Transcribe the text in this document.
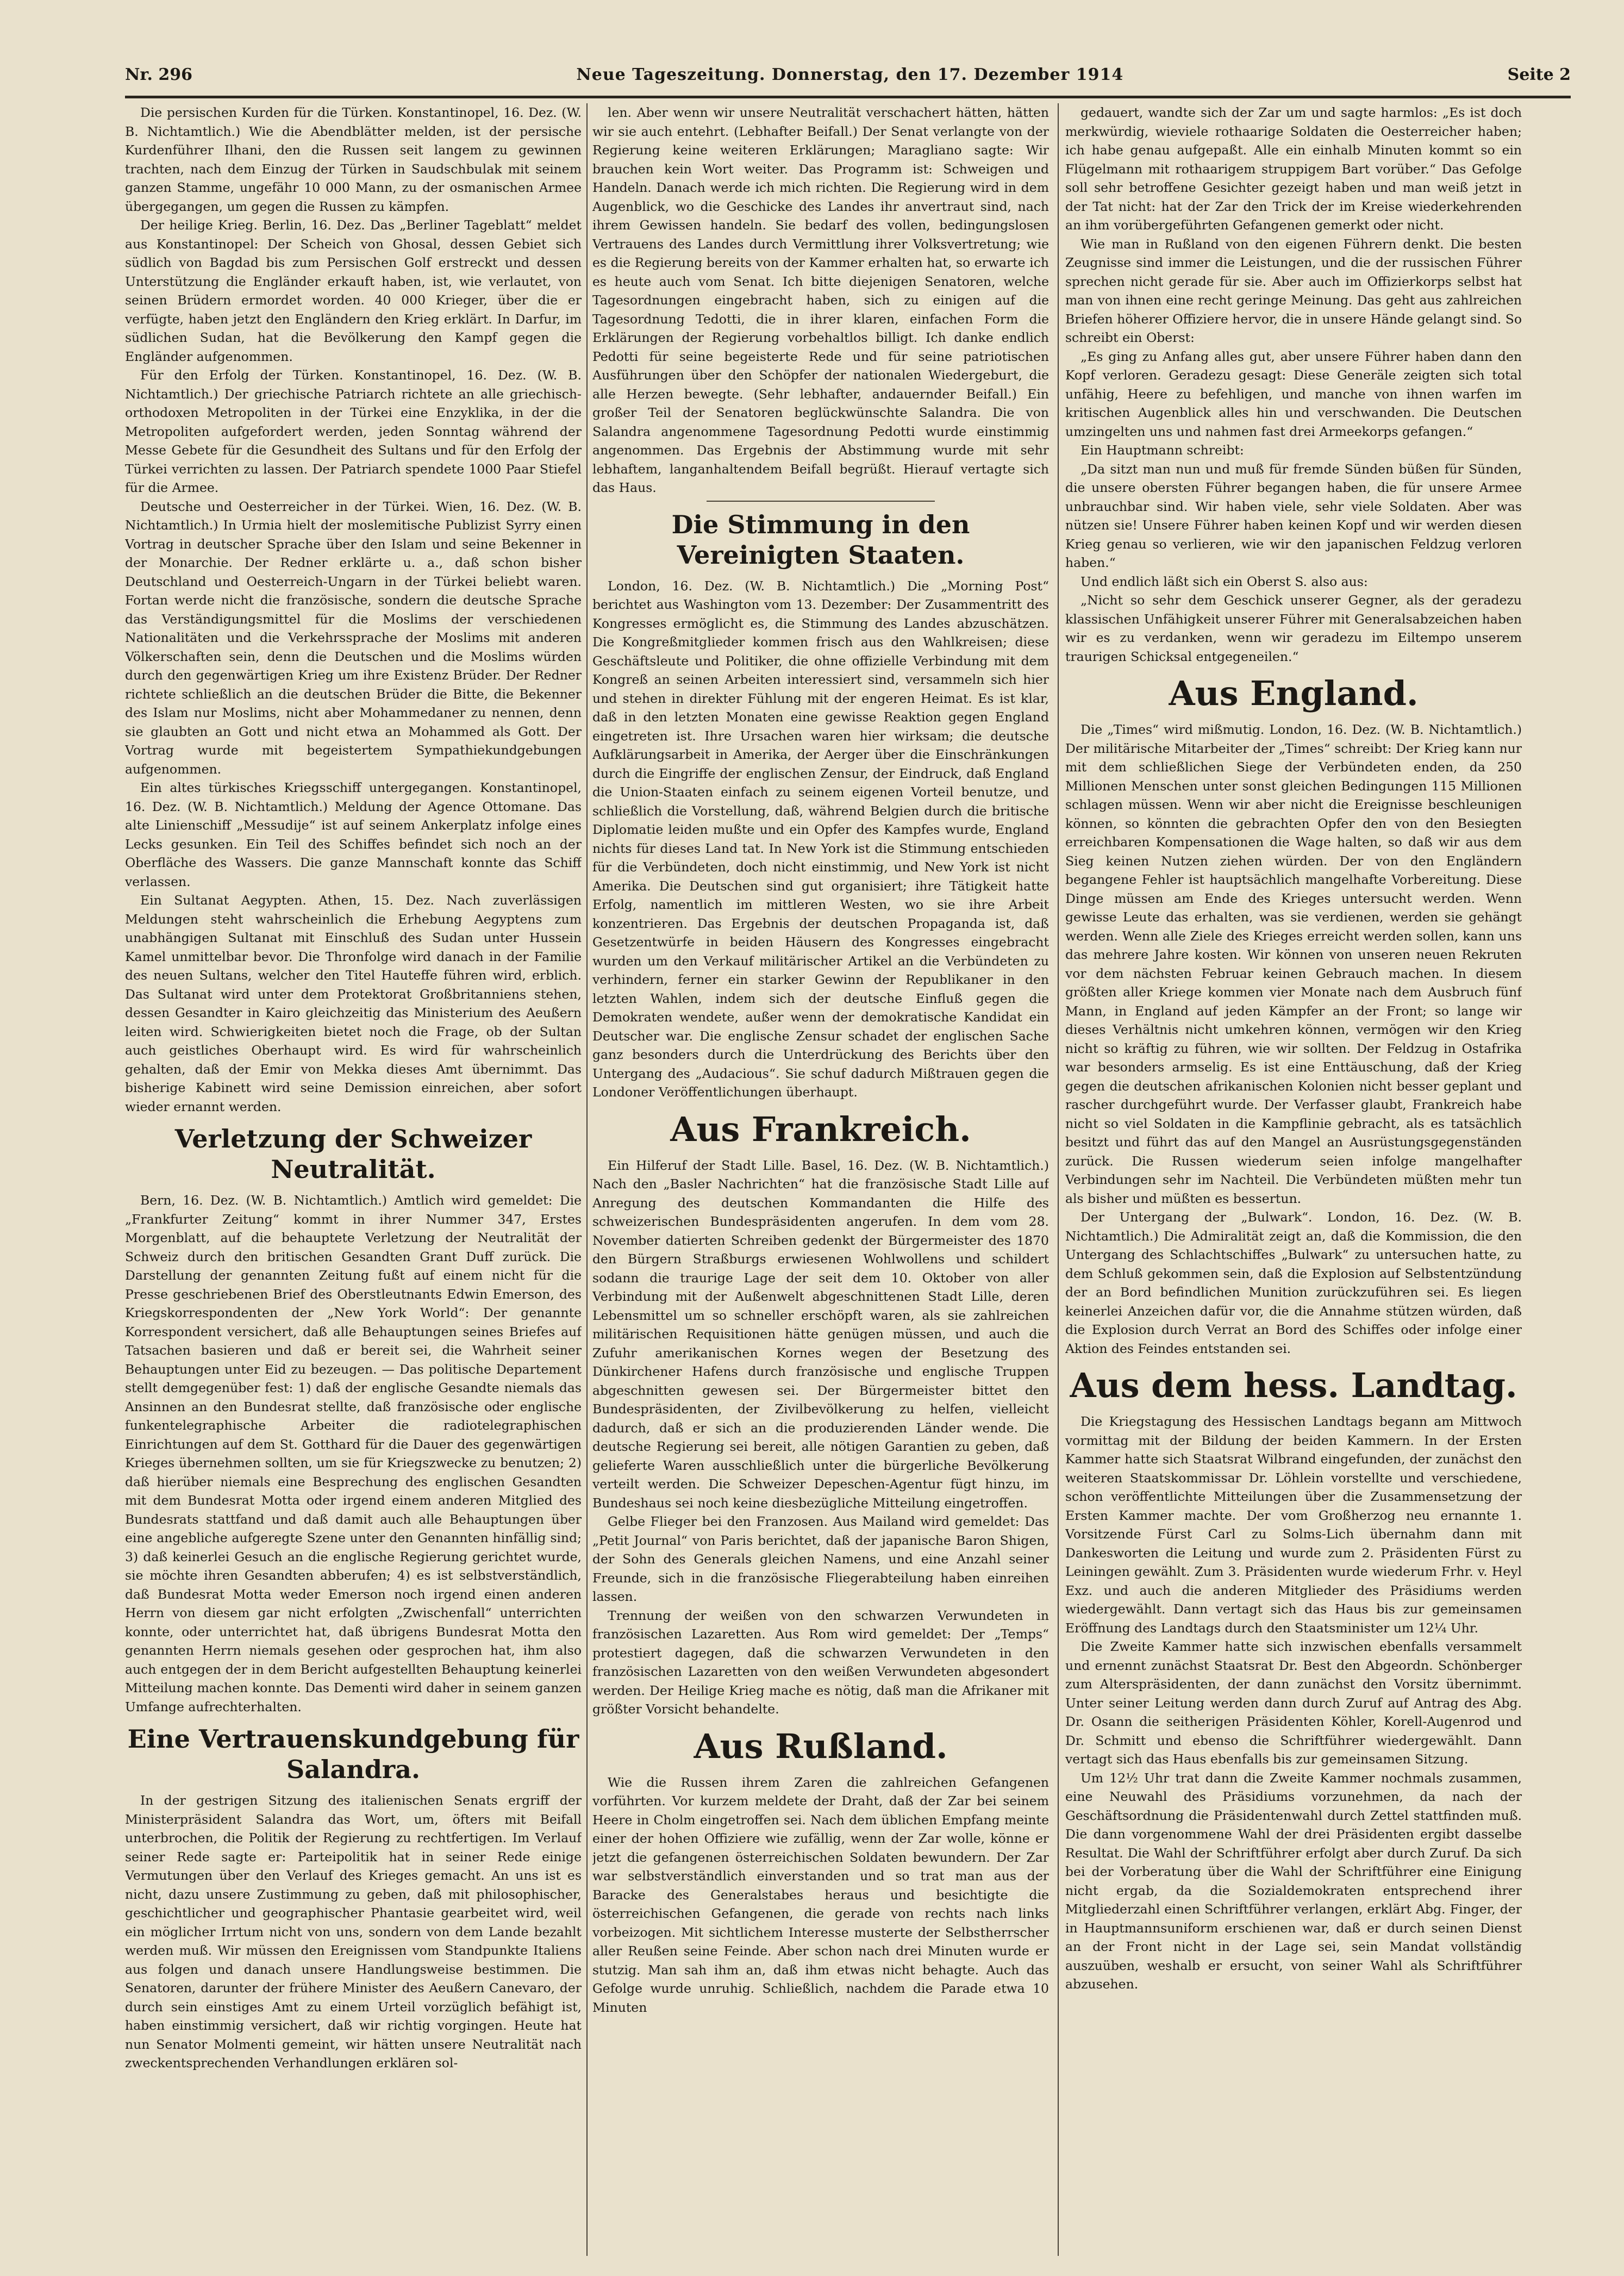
Nr. 296	Neue Tageszeitung. Donnerstag, den 17. Dezember 1914	Seite 2

Die persischen Kurden für die Türken. Konstantinopel, 16. Dez. (W. B. Nichtamtlich.) Wie die Abendblätter melden, ist der persische Kurdenführer Ilhani, den die Russen seit langem zu gewinnen trachten, nach dem Einzug der Türken in Saudschbulak mit seinem ganzen Stamme, ungefähr 10 000 Mann, zu der osmanischen Armee übergegangen, um gegen die Russen zu kämpfen.

Der heilige Krieg. Berlin, 16. Dez. Das „Berliner Tageblatt“ meldet aus Konstantinopel: Der Scheich von Ghosal, dessen Gebiet sich südlich von Bagdad bis zum Persischen Golf erstreckt und dessen Unterstützung die Engländer erkauft haben, ist, wie verlautet, von seinen Brüdern ermordet worden. 40 000 Krieger, über die er verfügte, haben jetzt den Engländern den Krieg erklärt. In Darfur, im südlichen Sudan, hat die Bevölkerung den Kampf gegen die Engländer aufgenommen.

Für den Erfolg der Türken. Konstantinopel, 16. Dez. (W. B. Nichtamtlich.) Der griechische Patriarch richtete an alle griechisch-orthodoxen Metropoliten in der Türkei eine Enzyklika, in der die Metropoliten aufgefordert werden, jeden Sonntag während der Messe Gebete für die Gesundheit des Sultans und für den Erfolg der Türkei verrichten zu lassen. Der Patriarch spendete 1000 Paar Stiefel für die Armee.

Deutsche und Oesterreicher in der Türkei. Wien, 16. Dez. (W. B. Nichtamtlich.) In Urmia hielt der moslemitische Publizist Syrry einen Vortrag in deutscher Sprache über den Islam und seine Bekenner in der Monarchie. Der Redner erklärte u. a., daß schon bisher Deutschland und Oesterreich-Ungarn in der Türkei beliebt waren. Fortan werde nicht die französische, sondern die deutsche Sprache das Verständigungsmittel für die Moslims der verschiedenen Nationalitäten und die Verkehrssprache der Moslims mit anderen Völkerschaften sein, denn die Deutschen und die Moslims würden durch den gegenwärtigen Krieg um ihre Existenz Brüder. Der Redner richtete schließlich an die deutschen Brüder die Bitte, die Bekenner des Islam nur Moslims, nicht aber Mohammedaner zu nennen, denn sie glaubten an Gott und nicht etwa an Mohammed als Gott. Der Vortrag wurde mit begeistertem Sympathiekundgebungen aufgenommen.

Ein altes türkisches Kriegsschiff untergegangen. Konstantinopel, 16. Dez. (W. B. Nichtamtlich.) Meldung der Agence Ottomane. Das alte Linienschiff „Messudije“ ist auf seinem Ankerplatz infolge eines Lecks gesunken. Ein Teil des Schiffes befindet sich noch an der Oberfläche des Wassers. Die ganze Mannschaft konnte das Schiff verlassen.

Ein Sultanat Aegypten. Athen, 15. Dez. Nach zuverlässigen Meldungen steht wahrscheinlich die Erhebung Aegyptens zum unabhängigen Sultanat mit Einschluß des Sudan unter Hussein Kamel unmittelbar bevor. Die Thronfolge wird danach in der Familie des neuen Sultans, welcher den Titel Hauteffe führen wird, erblich. Das Sultanat wird unter dem Protektorat Großbritanniens stehen, dessen Gesandter in Kairo gleichzeitig das Ministerium des Aeußern leiten wird. Schwierigkeiten bietet noch die Frage, ob der Sultan auch geistliches Oberhaupt wird. Es wird für wahrscheinlich gehalten, daß der Emir von Mekka dieses Amt übernimmt. Das bisherige Kabinett wird seine Demission einreichen, aber sofort wieder ernannt werden.

Verletzung der Schweizer Neutralität.

Bern, 16. Dez. (W. B. Nichtamtlich.) Amtlich wird gemeldet: Die „Frankfurter Zeitung“ kommt in ihrer Nummer 347, Erstes Morgenblatt, auf die behauptete Verletzung der Neutralität der Schweiz durch den britischen Gesandten Grant Duff zurück. Die Darstellung der genannten Zeitung fußt auf einem nicht für die Presse geschriebenen Brief des Oberstleutnants Edwin Emerson, des Kriegskorrespondenten der „New York World“: Der genannte Korrespondent versichert, daß alle Behauptungen seines Briefes auf Tatsachen basieren und daß er bereit sei, die Wahrheit seiner Behauptungen unter Eid zu bezeugen. — Das politische Departement stellt demgegenüber fest: 1) daß der englische Gesandte niemals das Ansinnen an den Bundesrat stellte, daß französische oder englische funkentelegraphische Arbeiter die radiotelegraphischen Einrichtungen auf dem St. Gotthard für die Dauer des gegenwärtigen Krieges übernehmen sollten, um sie für Kriegszwecke zu benutzen; 2) daß hierüber niemals eine Besprechung des englischen Gesandten mit dem Bundesrat Motta oder irgend einem anderen Mitglied des Bundesrats stattfand und daß damit auch alle Behauptungen über eine angebliche aufgeregte Szene unter den Genannten hinfällig sind; 3) daß keinerlei Gesuch an die englische Regierung gerichtet wurde, sie möchte ihren Gesandten abberufen; 4) es ist selbstverständlich, daß Bundesrat Motta weder Emerson noch irgend einen anderen Herrn von diesem gar nicht erfolgten „Zwischenfall“ unterrichten konnte, oder unterrichtet hat, daß übrigens Bundesrat Motta den genannten Herrn niemals gesehen oder gesprochen hat, ihm also auch entgegen der in dem Bericht aufgestellten Behauptung keinerlei Mitteilung machen konnte. Das Dementi wird daher in seinem ganzen Umfange aufrechterhalten.

Eine Vertrauenskundgebung für Salandra.

In der gestrigen Sitzung des italienischen Senats ergriff der Ministerpräsident Salandra das Wort, um, öfters mit Beifall unterbrochen, die Politik der Regierung zu rechtfertigen. Im Verlauf seiner Rede sagte er: Parteipolitik hat in seiner Rede einige Vermutungen über den Verlauf des Krieges gemacht. An uns ist es nicht, dazu unsere Zustimmung zu geben, daß mit philosophischer, geschichtlicher und geographischer Phantasie gearbeitet wird, weil ein möglicher Irrtum nicht von uns, sondern von dem Lande bezahlt werden muß. Wir müssen den Ereignissen vom Standpunkte Italiens aus folgen und danach unsere Handlungsweise bestimmen. Die Senatoren, darunter der frühere Minister des Aeußern Canevaro, der durch sein einstiges Amt zu einem Urteil vorzüglich befähigt ist, haben einstimmig versichert, daß wir richtig vorgingen. Heute hat nun Senator Molmenti gemeint, wir hätten unsere Neutralität nach zweckentsprechenden Verhandlungen erklären sol-

len. Aber wenn wir unsere Neutralität verschachert hätten, hätten wir sie auch entehrt. (Lebhafter Beifall.) Der Senat verlangte von der Regierung keine weiteren Erklärungen; Maragliano sagte: Wir brauchen kein Wort weiter. Das Programm ist: Schweigen und Handeln. Danach werde ich mich richten. Die Regierung wird in dem Augenblick, wo die Geschicke des Landes ihr anvertraut sind, nach ihrem Gewissen handeln. Sie bedarf des vollen, bedingungslosen Vertrauens des Landes durch Vermittlung ihrer Volksvertretung; wie es die Regierung bereits von der Kammer erhalten hat, so erwarte ich es heute auch vom Senat. Ich bitte diejenigen Senatoren, welche Tagesordnungen eingebracht haben, sich zu einigen auf die Tagesordnung Tedotti, die in ihrer klaren, einfachen Form die Erklärungen der Regierung vorbehaltlos billigt. Ich danke endlich Pedotti für seine begeisterte Rede und für seine patriotischen Ausführungen über den Schöpfer der nationalen Wiedergeburt, die alle Herzen bewegte. (Sehr lebhafter, andauernder Beifall.) Ein großer Teil der Senatoren beglückwünschte Salandra. Die von Salandra angenommene Tagesordnung Pedotti wurde einstimmig angenommen. Das Ergebnis der Abstimmung wurde mit sehr lebhaftem, langanhaltendem Beifall begrüßt. Hierauf vertagte sich das Haus.

Die Stimmung in den Vereinigten Staaten.

London, 16. Dez. (W. B. Nichtamtlich.) Die „Morning Post“ berichtet aus Washington vom 13. Dezember: Der Zusammentritt des Kongresses ermöglicht es, die Stimmung des Landes abzuschätzen. Die Kongreßmitglieder kommen frisch aus den Wahlkreisen; diese Geschäftsleute und Politiker, die ohne offizielle Verbindung mit dem Kongreß an seinen Arbeiten interessiert sind, versammeln sich hier und stehen in direkter Fühlung mit der engeren Heimat. Es ist klar, daß in den letzten Monaten eine gewisse Reaktion gegen England eingetreten ist. Ihre Ursachen waren hier wirksam; die deutsche Aufklärungsarbeit in Amerika, der Aerger über die Einschränkungen durch die Eingriffe der englischen Zensur, der Eindruck, daß England die Union-Staaten einfach zu seinem eigenen Vorteil benutze, und schließlich die Vorstellung, daß, während Belgien durch die britische Diplomatie leiden mußte und ein Opfer des Kampfes wurde, England nichts für dieses Land tat. In New York ist die Stimmung entschieden für die Verbündeten, doch nicht einstimmig, und New York ist nicht Amerika. Die Deutschen sind gut organisiert; ihre Tätigkeit hatte Erfolg, namentlich im mittleren Westen, wo sie ihre Arbeit konzentrieren. Das Ergebnis der deutschen Propaganda ist, daß Gesetzentwürfe in beiden Häusern des Kongresses eingebracht wurden um den Verkauf militärischer Artikel an die Verbündeten zu verhindern, ferner ein starker Gewinn der Republikaner in den letzten Wahlen, indem sich der deutsche Einfluß gegen die Demokraten wendete, außer wenn der demokratische Kandidat ein Deutscher war. Die englische Zensur schadet der englischen Sache ganz besonders durch die Unterdrückung des Berichts über den Untergang des „Audacious“. Sie schuf dadurch Mißtrauen gegen die Londoner Veröffentlichungen überhaupt.

Aus Frankreich.

Ein Hilferuf der Stadt Lille. Basel, 16. Dez. (W. B. Nichtamtlich.) Nach den „Basler Nachrichten“ hat die französische Stadt Lille auf Anregung des deutschen Kommandanten die Hilfe des schweizerischen Bundespräsidenten angerufen. In dem vom 28. November datierten Schreiben gedenkt der Bürgermeister des 1870 den Bürgern Straßburgs erwiesenen Wohlwollens und schildert sodann die traurige Lage der seit dem 10. Oktober von aller Verbindung mit der Außenwelt abgeschnittenen Stadt Lille, deren Lebensmittel um so schneller erschöpft waren, als sie zahlreichen militärischen Requisitionen hätte genügen müssen, und auch die Zufuhr amerikanischen Kornes wegen der Besetzung des Dünkirchener Hafens durch französische und englische Truppen abgeschnitten gewesen sei. Der Bürgermeister bittet den Bundespräsidenten, der Zivilbevölkerung zu helfen, vielleicht dadurch, daß er sich an die produzierenden Länder wende. Die deutsche Regierung sei bereit, alle nötigen Garantien zu geben, daß gelieferte Waren ausschließlich unter die bürgerliche Bevölkerung verteilt werden. Die Schweizer Depeschen-Agentur fügt hinzu, im Bundeshaus sei noch keine diesbezügliche Mitteilung eingetroffen.

Gelbe Flieger bei den Franzosen. Aus Mailand wird gemeldet: Das „Petit Journal“ von Paris berichtet, daß der japanische Baron Shigen, der Sohn des Generals gleichen Namens, und eine Anzahl seiner Freunde, sich in die französische Fliegerabteilung haben einreihen lassen.

Trennung der weißen von den schwarzen Verwundeten in französischen Lazaretten. Aus Rom wird gemeldet: Der „Temps“ protestiert dagegen, daß die schwarzen Verwundeten in den französischen Lazaretten von den weißen Verwundeten abgesondert werden. Der Heilige Krieg mache es nötig, daß man die Afrikaner mit größter Vorsicht behandelte.

Aus Rußland.

Wie die Russen ihrem Zaren die zahlreichen Gefangenen vorführten. Vor kurzem meldete der Draht, daß der Zar bei seinem Heere in Cholm eingetroffen sei. Nach dem üblichen Empfang meinte einer der hohen Offiziere wie zufällig, wenn der Zar wolle, könne er jetzt die gefangenen österreichischen Soldaten bewundern. Der Zar war selbstverständlich einverstanden und so trat man aus der Baracke des Generalstabes heraus und besichtigte die österreichischen Gefangenen, die gerade von rechts nach links vorbeizogen. Mit sichtlichem Interesse musterte der Selbstherrscher aller Reußen seine Feinde. Aber schon nach drei Minuten wurde er stutzig. Man sah ihm an, daß ihm etwas nicht behagte. Auch das Gefolge wurde unruhig. Schließlich, nachdem die Parade etwa 10 Minuten

gedauert, wandte sich der Zar um und sagte harmlos: „Es ist doch merkwürdig, wieviele rothaarige Soldaten die Oesterreicher haben; ich habe genau aufgepaßt. Alle ein einhalb Minuten kommt so ein Flügelmann mit rothaarigem struppigem Bart vorüber.“ Das Gefolge soll sehr betroffene Gesichter gezeigt haben und man weiß jetzt in der Tat nicht: hat der Zar den Trick der im Kreise wiederkehrenden an ihm vorübergeführten Gefangenen gemerkt oder nicht.

Wie man in Rußland von den eigenen Führern denkt. Die besten Zeugnisse sind immer die Leistungen, und die der russischen Führer sprechen nicht gerade für sie. Aber auch im Offizierkorps selbst hat man von ihnen eine recht geringe Meinung. Das geht aus zahlreichen Briefen höherer Offiziere hervor, die in unsere Hände gelangt sind. So schreibt ein Oberst:

„Es ging zu Anfang alles gut, aber unsere Führer haben dann den Kopf verloren. Geradezu gesagt: Diese Generäle zeigten sich total unfähig, Heere zu befehligen, und manche von ihnen warfen im kritischen Augenblick alles hin und verschwanden. Die Deutschen umzingelten uns und nahmen fast drei Armeekorps gefangen.“

Ein Hauptmann schreibt:

„Da sitzt man nun und muß für fremde Sünden büßen für Sünden, die unsere obersten Führer begangen haben, die für unsere Armee unbrauchbar sind. Wir haben viele, sehr viele Soldaten. Aber was nützen sie! Unsere Führer haben keinen Kopf und wir werden diesen Krieg genau so verlieren, wie wir den japanischen Feldzug verloren haben.“

Und endlich läßt sich ein Oberst S. also aus:

„Nicht so sehr dem Geschick unserer Gegner, als der geradezu klassischen Unfähigkeit unserer Führer mit Generalsabzeichen haben wir es zu verdanken, wenn wir geradezu im Eiltempo unserem traurigen Schicksal entgegeneilen.“

Aus England.

Die „Times“ wird mißmutig. London, 16. Dez. (W. B. Nichtamtlich.) Der militärische Mitarbeiter der „Times“ schreibt: Der Krieg kann nur mit dem schließlichen Siege der Verbündeten enden, da 250 Millionen Menschen unter sonst gleichen Bedingungen 115 Millionen schlagen müssen. Wenn wir aber nicht die Ereignisse beschleunigen können, so könnten die gebrachten Opfer den von den Besiegten erreichbaren Kompensationen die Wage halten, so daß wir aus dem Sieg keinen Nutzen ziehen würden. Der von den Engländern begangene Fehler ist hauptsächlich mangelhafte Vorbereitung. Diese Dinge müssen am Ende des Krieges untersucht werden. Wenn gewisse Leute das erhalten, was sie verdienen, werden sie gehängt werden. Wenn alle Ziele des Krieges erreicht werden sollen, kann uns das mehrere Jahre kosten. Wir können von unseren neuen Rekruten vor dem nächsten Februar keinen Gebrauch machen. In diesem größten aller Kriege kommen vier Monate nach dem Ausbruch fünf Mann, in England auf jeden Kämpfer an der Front; so lange wir dieses Verhältnis nicht umkehren können, vermögen wir den Krieg nicht so kräftig zu führen, wie wir sollten. Der Feldzug in Ostafrika war besonders armselig. Es ist eine Enttäuschung, daß der Krieg gegen die deutschen afrikanischen Kolonien nicht besser geplant und rascher durchgeführt wurde. Der Verfasser glaubt, Frankreich habe nicht so viel Soldaten in die Kampflinie gebracht, als es tatsächlich besitzt und führt das auf den Mangel an Ausrüstungsgegenständen zurück. Die Russen wiederum seien infolge mangelhafter Verbindungen sehr im Nachteil. Die Verbündeten müßten mehr tun als bisher und müßten es bessertun.

Der Untergang der „Bulwark“. London, 16. Dez. (W. B. Nichtamtlich.) Die Admiralität zeigt an, daß die Kommission, die den Untergang des Schlachtschiffes „Bulwark“ zu untersuchen hatte, zu dem Schluß gekommen sein, daß die Explosion auf Selbstentzündung der an Bord befindlichen Munition zurückzuführen sei. Es liegen keinerlei Anzeichen dafür vor, die die Annahme stützen würden, daß die Explosion durch Verrat an Bord des Schiffes oder infolge einer Aktion des Feindes entstanden sei.

Aus dem hess. Landtag.

Die Kriegstagung des Hessischen Landtags begann am Mittwoch vormittag mit der Bildung der beiden Kammern. In der Ersten Kammer hatte sich Staatsrat Wilbrand eingefunden, der zunächst den weiteren Staatskommissar Dr. Löhlein vorstellte und verschiedene, schon veröffentlichte Mitteilungen über die Zusammensetzung der Ersten Kammer machte. Der vom Großherzog neu ernannte 1. Vorsitzende Fürst Carl zu Solms-Lich übernahm dann mit Dankesworten die Leitung und wurde zum 2. Präsidenten Fürst zu Leiningen gewählt. Zum 3. Präsidenten wurde wiederum Frhr. v. Heyl Exz. und auch die anderen Mitglieder des Präsidiums werden wiedergewählt. Dann vertagt sich das Haus bis zur gemeinsamen Eröffnung des Landtags durch den Staatsminister um 12¼ Uhr.

Die Zweite Kammer hatte sich inzwischen ebenfalls versammelt und ernennt zunächst Staatsrat Dr. Best den Abgeordn. Schönberger zum Alterspräsidenten, der dann zunächst den Vorsitz übernimmt. Unter seiner Leitung werden dann durch Zuruf auf Antrag des Abg. Dr. Osann die seitherigen Präsidenten Köhler, Korell-Augenrod und Dr. Schmitt und ebenso die Schriftführer wiedergewählt. Dann vertagt sich das Haus ebenfalls bis zur gemeinsamen Sitzung.

Um 12½ Uhr trat dann die Zweite Kammer nochmals zusammen, eine Neuwahl des Präsidiums vorzunehmen, da nach der Geschäftsordnung die Präsidentenwahl durch Zettel stattfinden muß. Die dann vorgenommene Wahl der drei Präsidenten ergibt dasselbe Resultat. Die Wahl der Schriftführer erfolgt aber durch Zuruf. Da sich bei der Vorberatung über die Wahl der Schriftführer eine Einigung nicht ergab, da die Sozialdemokraten entsprechend ihrer Mitgliederzahl einen Schriftführer verlangen, erklärt Abg. Finger, der in Hauptmannsuniform erschienen war, daß er durch seinen Dienst an der Front nicht in der Lage sei, sein Mandat vollständig auszuüben, weshalb er ersucht, von seiner Wahl als Schriftführer abzusehen.
